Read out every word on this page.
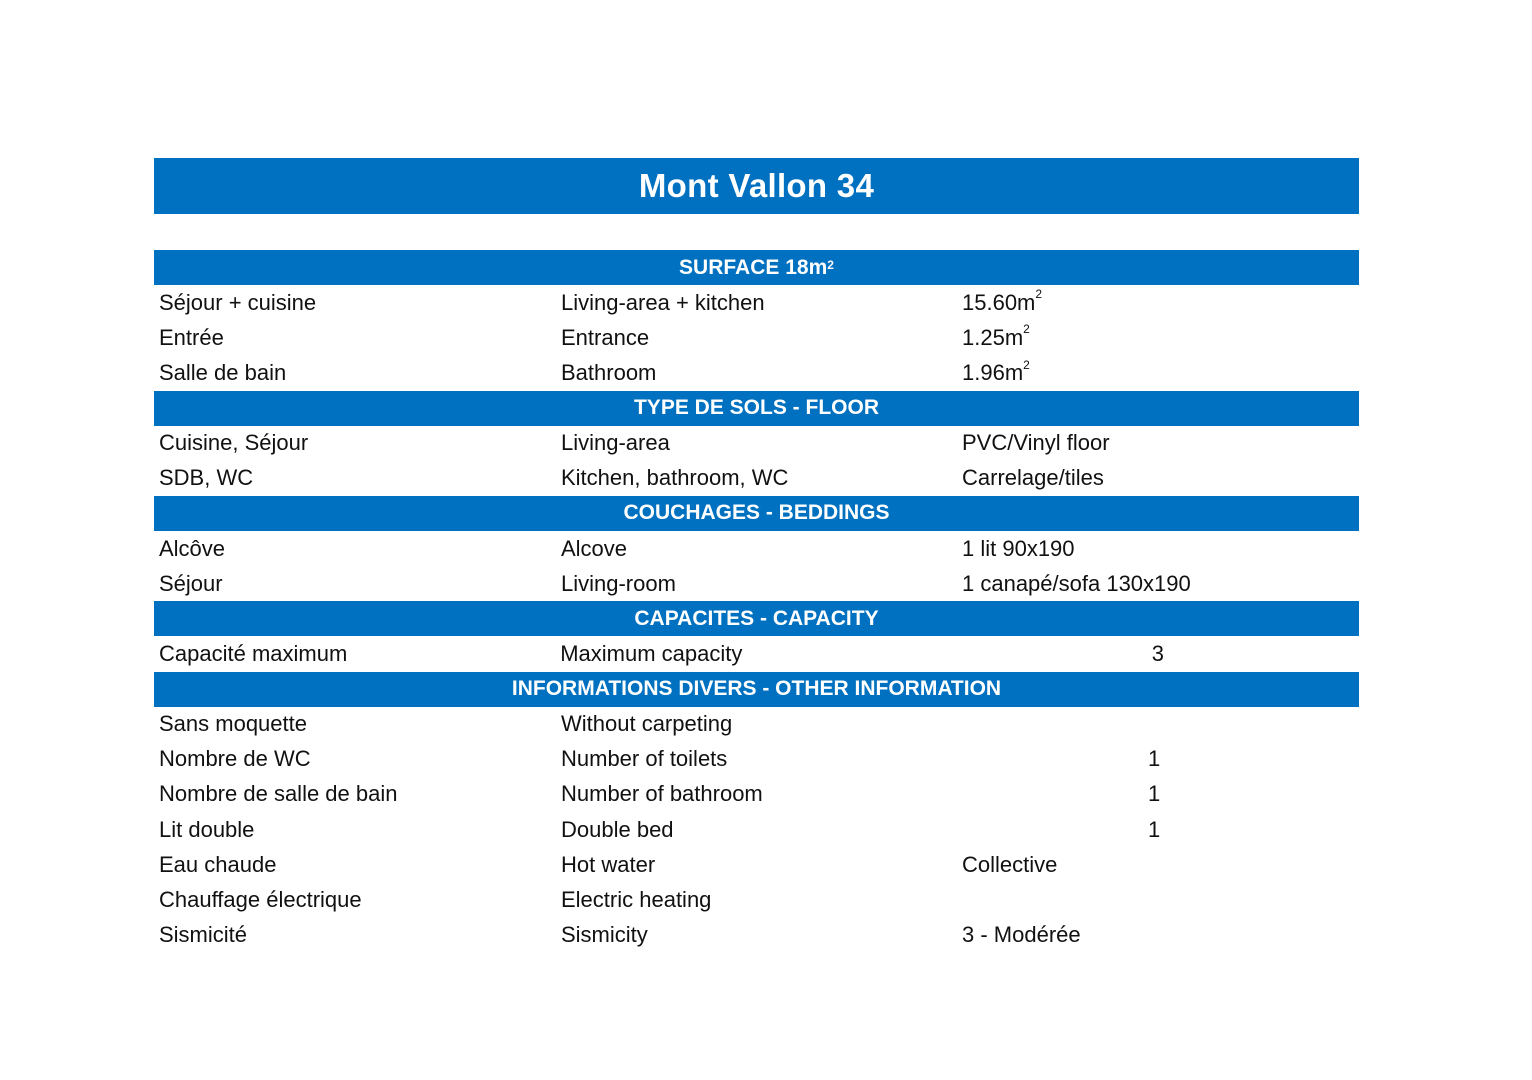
Mont Vallon 34
SURFACE $18m^2$
Séjour + cuisine	Living-area + kitchen	$15.60m^2$
Entrée	Entrance	$1.25m^2$
Salle de bain	Bathroom	$1.96m^2$
TYPE DE SOLS - FLOOR
Cuisine, Séjour	Living-area	PVC/Vinyl floor
SDB, WC	Kitchen, bathroom, WC	Carrelage/tiles
COUCHAGES - BEDDINGS
Alcôve	Alcove	1 lit 90x190
Séjour	Living-room	1 canapé/sofa 130x190
CAPACITES - CAPACITY
Capacité maximum	Maximum capacity	3
INFORMATIONS DIVERS - OTHER INFORMATION
Sans moquette	Without carpeting
Nombre de WC	Number of toilets	1
Nombre de salle de bain	Number of bathroom	1
Lit double	Double bed	1
Eau chaude	Hot water	Collective
Chauffage électrique	Electric heating
Sismicité	Sismicity	3 - Modérée
